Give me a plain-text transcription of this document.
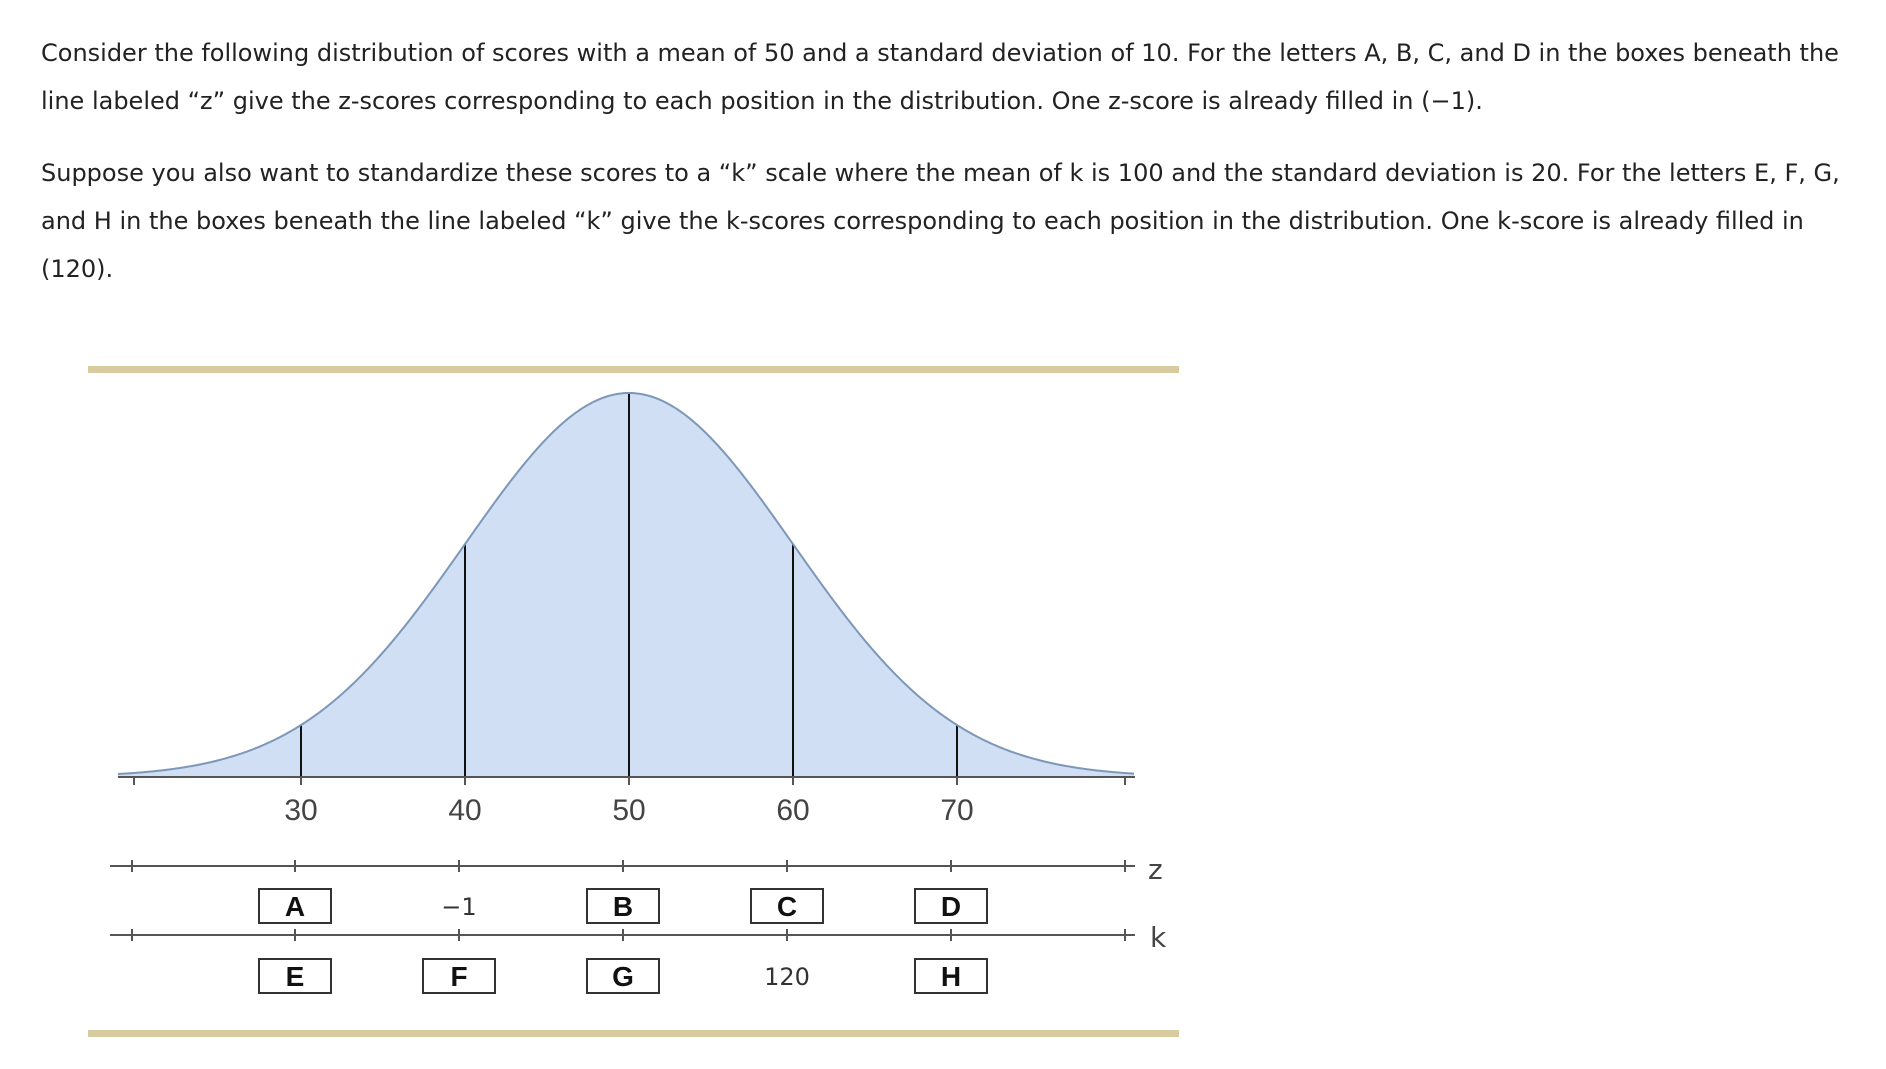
Consider the following distribution of scores with a mean of 50 and a standard deviation of 10. For the letters A, B, C, and D in the boxes beneath the line labeled “z” give the z-scores corresponding to each position in the distribution. One z-score is already filled in (−1).

Suppose you also want to standardize these scores to a “k” scale where the mean of k is 100 and the standard deviation is 20. For the letters E, F, G, and H in the boxes beneath the line labeled “k” give the k-scores corresponding to each position in the distribution. One k-score is already filled in (120).

30	40	50	60	70
z
A	−1	B	C	D
k
E	F	G	120	H
